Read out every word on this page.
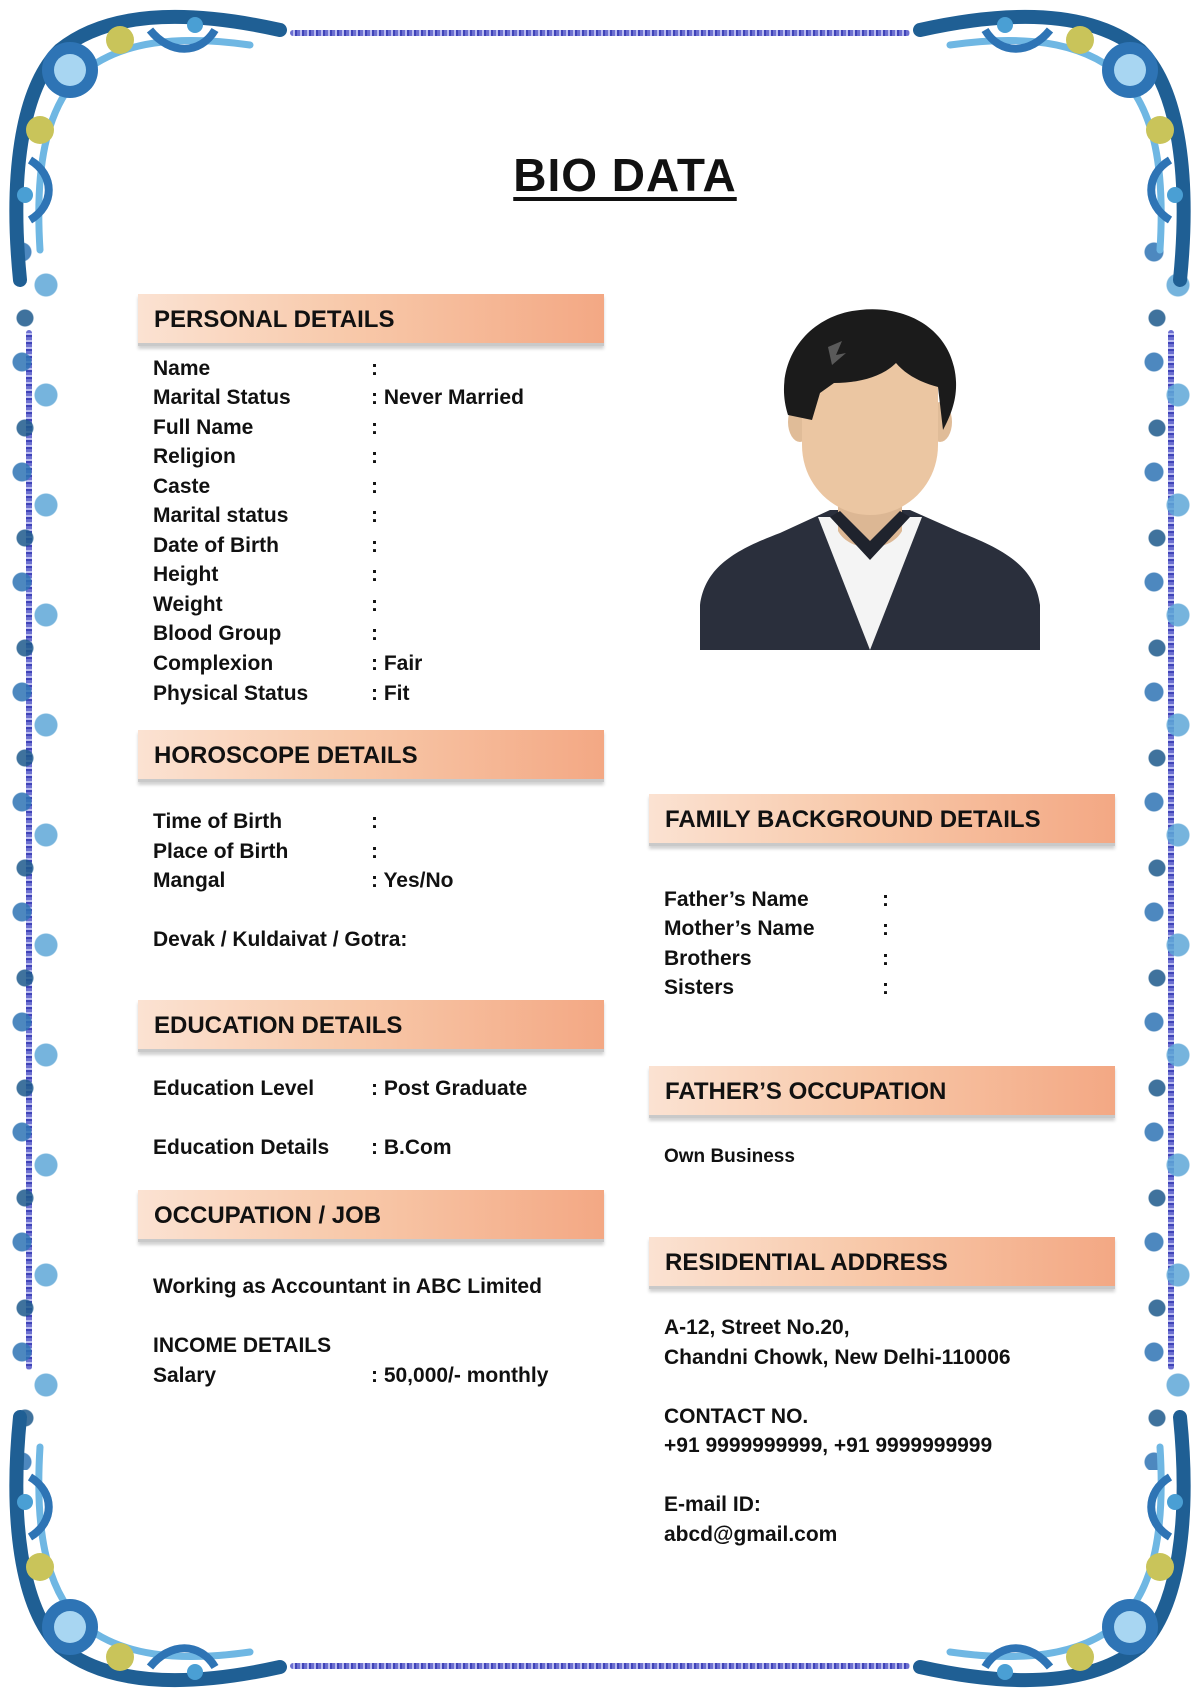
BIO DATA
PERSONAL DETAILS
Name	:
Marital Status	: Never Married
Full Name	:
Religion	:
Caste	:
Marital status	:
Date of Birth	:
Height	:
Weight	:
Blood Group	:
Complexion	: Fair
Physical Status	: Fit
HOROSCOPE DETAILS
Time of Birth	:
Place of Birth	:
Mangal	: Yes/No
Devak / Kuldaivat / Gotra:
EDUCATION DETAILS
Education Level	: Post Graduate
Education Details : B.Com
OCCUPATION / JOB
Working as Accountant in ABC Limited
INCOME DETAILS
Salary	: 50,000/- monthly
FAMILY BACKGROUND DETAILS
Father’s Name	:
Mother’s Name	:
Brothers	:
Sisters	:
FATHER’S OCCUPATION
Own Business
RESIDENTIAL ADDRESS
A-12, Street No.20,
Chandni Chowk, New Delhi-110006
CONTACT NO.
+91 9999999999, +91 9999999999
E-mail ID:
abcd@gmail.com
